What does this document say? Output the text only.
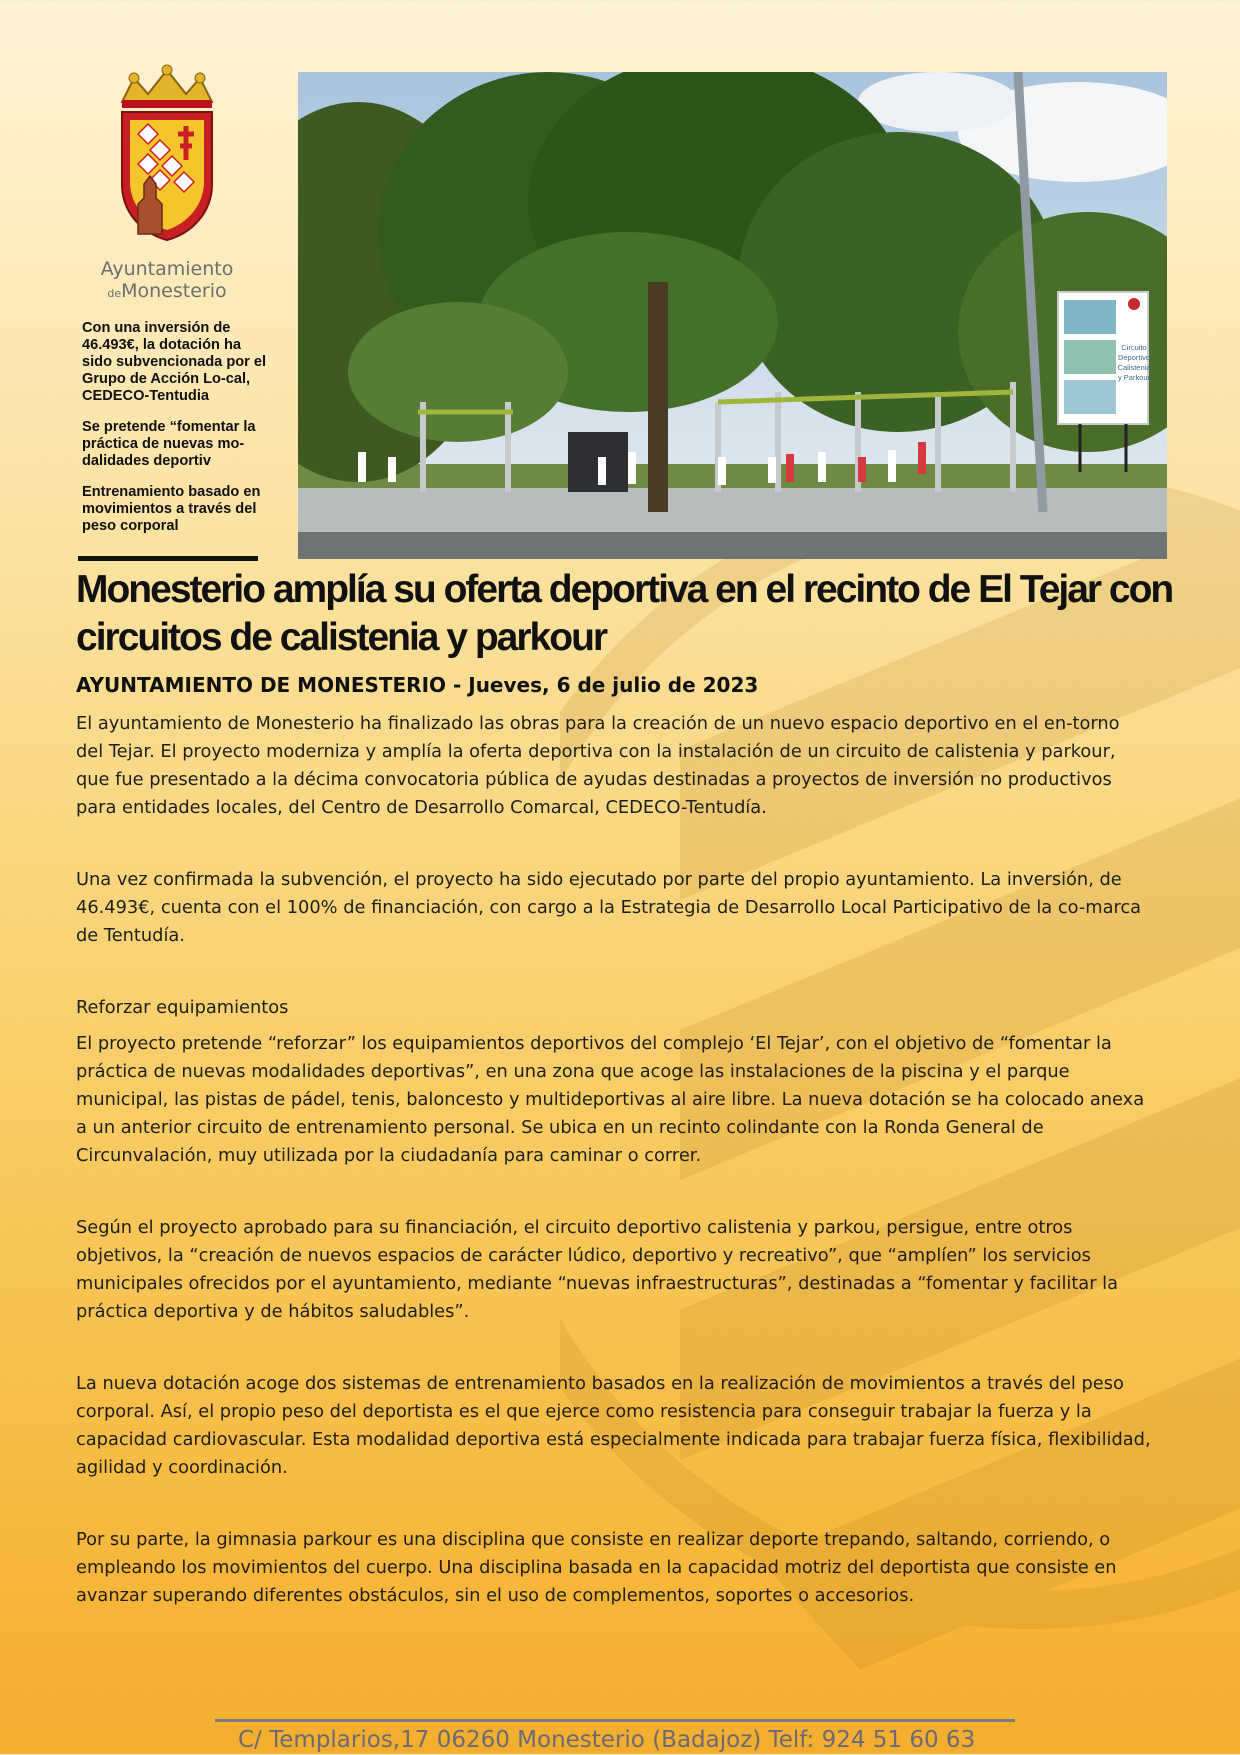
Ayuntamiento
deMonesterio

Con una inversión de 46.493€, la dotación ha sido subvencionada por el Grupo de Acción Lo-cal, CEDECO-Tentudia

Se pretende “fomentar la práctica de nuevas mo-dalidades deportiv

Entrenamiento basado en movimientos a través del peso corporal

Circuito
Deportivo
Calistenia
y Parkour
Monesterio amplía su oferta deportiva en el recinto de El Tejar con circuitos de calistenia y parkour

AYUNTAMIENTO DE MONESTERIO - Jueves, 6 de julio de 2023

El ayuntamiento de Monesterio ha finalizado las obras para la creación de un nuevo espacio deportivo en el en-torno del Tejar. El proyecto moderniza y amplía la oferta deportiva con la instalación de un circuito de calistenia y parkour, que fue presentado a la décima convocatoria pública de ayudas destinadas a proyectos de inversión no productivos para entidades locales, del Centro de Desarrollo Comarcal, CEDECO-Tentudía.

Una vez confirmada la subvención, el proyecto ha sido ejecutado por parte del propio ayuntamiento. La inversión, de 46.493€, cuenta con el 100% de financiación, con cargo a la Estrategia de Desarrollo Local Participativo de la co-marca de Tentudía.

Reforzar equipamientos

El proyecto pretende “reforzar” los equipamientos deportivos del complejo ‘El Tejar’, con el objetivo de “fomentar la práctica de nuevas modalidades deportivas”, en una zona que acoge las instalaciones de la piscina y el parque municipal, las pistas de pádel, tenis, baloncesto y multideportivas al aire libre. La nueva dotación se ha colocado anexa a un anterior circuito de entrenamiento personal. Se ubica en un recinto colindante con la Ronda General de Circunvalación, muy utilizada por la ciudadanía para caminar o correr.

Según el proyecto aprobado para su financiación, el circuito deportivo calistenia y parkou, persigue, entre otros objetivos, la “creación de nuevos espacios de carácter lúdico, deportivo y recreativo”, que “amplíen” los servicios municipales ofrecidos por el ayuntamiento, mediante “nuevas infraestructuras”, destinadas a “fomentar y facilitar la práctica deportiva y de hábitos saludables”.

La nueva dotación acoge dos sistemas de entrenamiento basados en la realización de movimientos a través del peso corporal. Así, el propio peso del deportista es el que ejerce como resistencia para conseguir trabajar la fuerza y la capacidad cardiovascular. Esta modalidad deportiva está especialmente indicada para trabajar fuerza física, flexibilidad, agilidad y coordinación.

Por su parte, la gimnasia parkour es una disciplina que consiste en realizar deporte trepando, saltando, corriendo, o empleando los movimientos del cuerpo. Una disciplina basada en la capacidad motriz del deportista que consiste en avanzar superando diferentes obstáculos, sin el uso de complementos, soportes o accesorios.

C/ Templarios,17 06260 Monesterio (Badajoz) Telf: 924 51 60 63
